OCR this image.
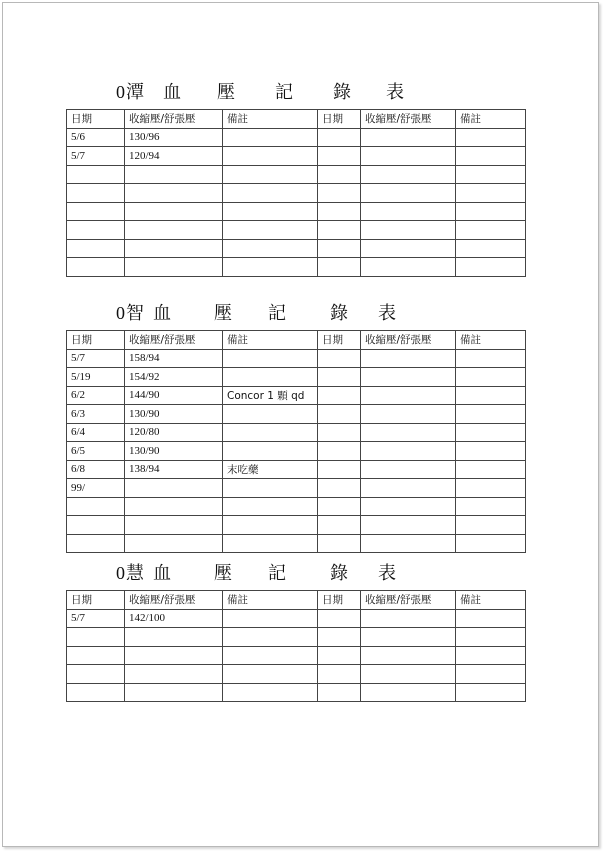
0 潭 血 壓 記 錄 表
日期	收縮壓/舒張壓	備註	日期	收縮壓/舒張壓	備註
5/6	130/96				
5/7	120/94				

0 智 血 壓 記 錄 表
日期	收縮壓/舒張壓	備註	日期	收縮壓/舒張壓	備註
5/7	158/94				
5/19	154/92				
6/2	144/90	Concor 1 顆 qd			
6/3	130/90				
6/4	120/80				
6/5	130/90				
6/8	138/94	末吃藥			
99/					

0 慧 血 壓 記 錄 表
日期	收縮壓/舒張壓	備註	日期	收縮壓/舒張壓	備註
5/7	142/100				
